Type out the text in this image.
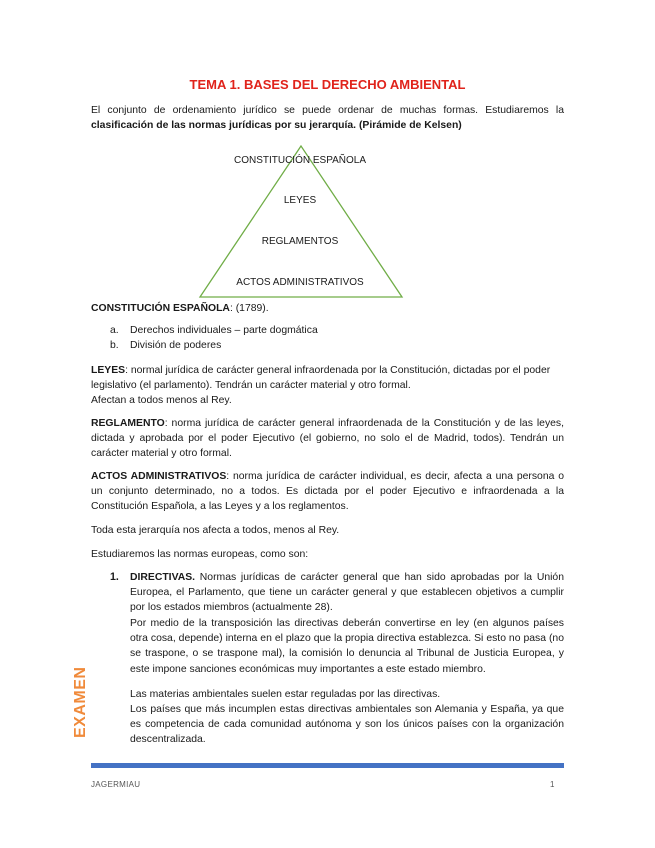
TEMA 1. BASES DEL DERECHO AMBIENTAL
El conjunto de ordenamiento jurídico se puede ordenar de muchas formas. Estudiaremos la clasificación de las normas jurídicas por su jerarquía. (Pirámide de Kelsen)
CONSTITUCIÓN ESPAÑOLA
LEYES
REGLAMENTOS
ACTOS ADMINISTRATIVOS
CONSTITUCIÓN ESPAÑOLA: (1789).
a.	Derechos individuales – parte dogmática
b.	División de poderes
LEYES: normal jurídica de carácter general infraordenada por la Constitución, dictadas por el poder
legislativo (el parlamento). Tendrán un carácter material y otro formal.
Afectan a todos menos al Rey.
REGLAMENTO: norma jurídica de carácter general infraordenada de la Constitución y de las leyes, dictada y aprobada por el poder Ejecutivo (el gobierno, no solo el de Madrid, todos). Tendrán un carácter material y otro formal.
ACTOS ADMINISTRATIVOS: norma jurídica de carácter individual, es decir, afecta a una persona o un conjunto determinado, no a todos. Es dictada por el poder Ejecutivo e infraordenada a la Constitución Española, a las Leyes y a los reglamentos.
Toda esta jerarquía nos afecta a todos, menos al Rey.
Estudiaremos las normas europeas, como son:
1. DIRECTIVAS. Normas jurídicas de carácter general que han sido aprobadas por la Unión Europea, el Parlamento, que tiene un carácter general y que establecen objetivos a cumplir por los estados miembros (actualmente 28).
Por medio de la transposición las directivas deberán convertirse en ley (en algunos países otra cosa, depende) interna en el plazo que la propia directiva establezca. Si esto no pasa (no se traspone, o se traspone mal), la comisión lo denuncia al Tribunal de Justicia Europea, y este impone sanciones económicas muy importantes a este estado miembro.
Las materias ambientales suelen estar reguladas por las directivas.
Los países que más incumplen estas directivas ambientales son Alemania y España, ya que es competencia de cada comunidad autónoma y son los únicos países con la organización descentralizada.
EXAMEN
JAGERMIAU	1
